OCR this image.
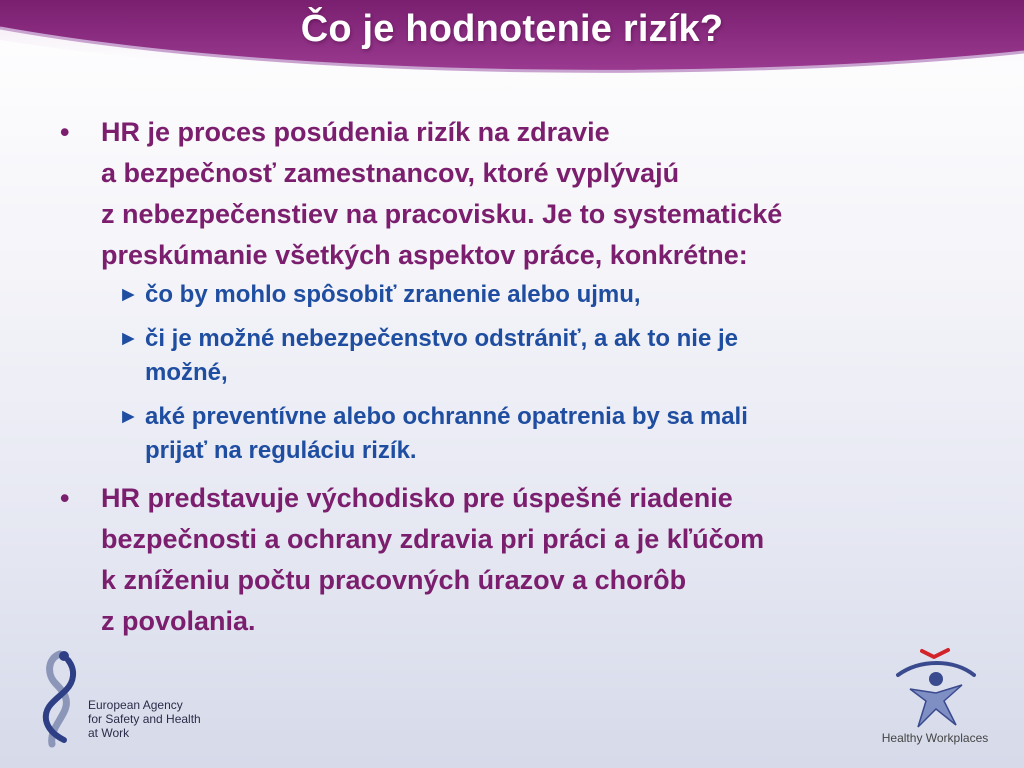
Čo je hodnotenie rizík?
• HR je proces posúdenia rizík na zdravie
a bezpečnosť zamestnancov, ktoré vyplývajú
z nebezpečenstiev na pracovisku. Je to systematické
preskúmanie všetkých aspektov práce, konkrétne:
► čo by mohlo spôsobiť zranenie alebo ujmu,
► či je možné nebezpečenstvo odstrániť, a ak to nie je
možné,
► aké preventívne alebo ochranné opatrenia by sa mali
prijať na reguláciu rizík.
• HR predstavuje východisko pre úspešné riadenie
bezpečnosti a ochrany zdravia pri práci a je kľúčom
k zníženiu počtu pracovných úrazov a chorôb
z povolania.
European Agency
for Safety and Health
at Work	Healthy Workplaces
